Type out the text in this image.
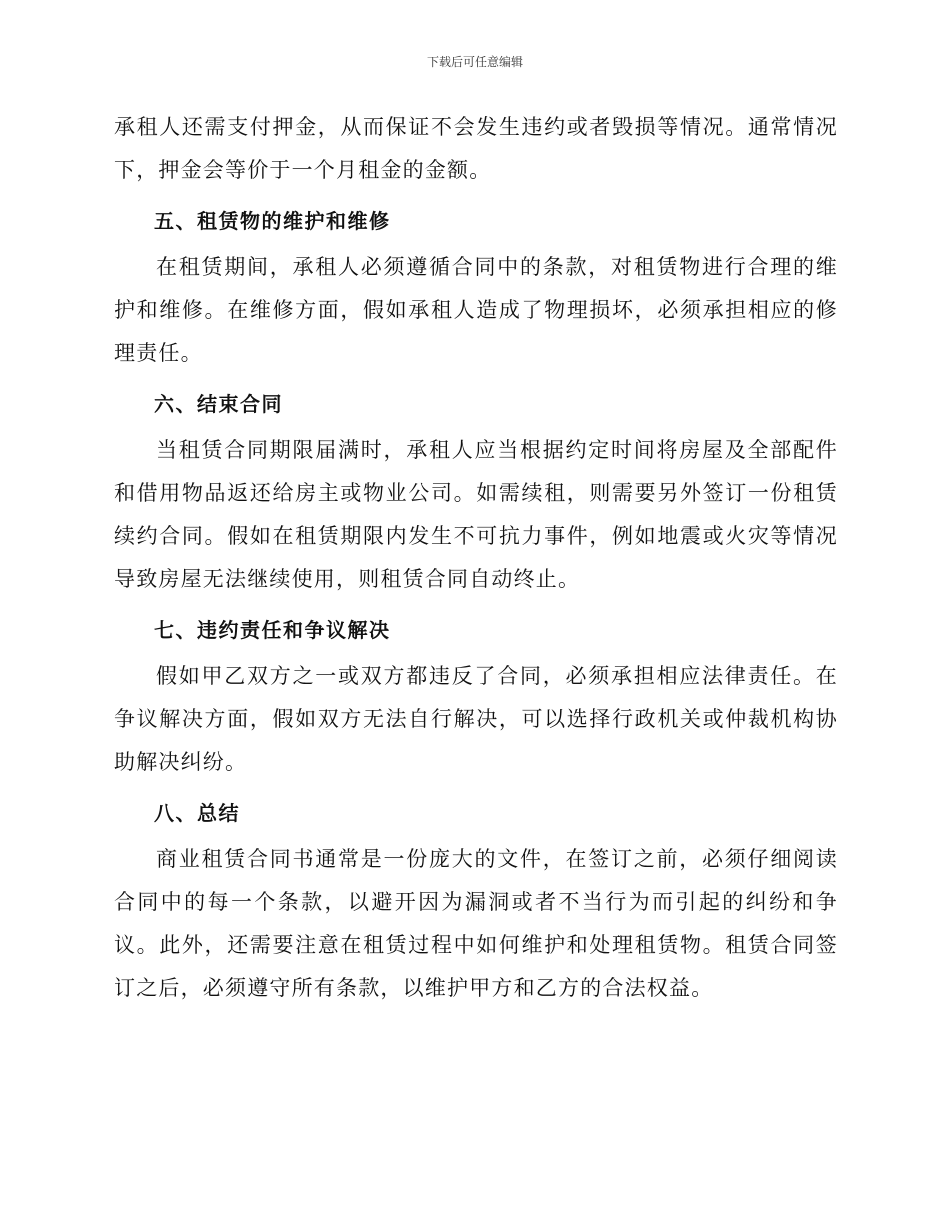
下载后可任意编辑

承租人还需支付押金，从而保证不会发生违约或者毁损等情况。通常情况下，押金会等价于一个月租金的金额。

五、租赁物的维护和维修

在租赁期间，承租人必须遵循合同中的条款，对租赁物进行合理的维护和维修。在维修方面，假如承租人造成了物理损坏，必须承担相应的修理责任。

六、结束合同

当租赁合同期限届满时，承租人应当根据约定时间将房屋及全部配件和借用物品返还给房主或物业公司。如需续租，则需要另外签订一份租赁续约合同。假如在租赁期限内发生不可抗力事件，例如地震或火灾等情况导致房屋无法继续使用，则租赁合同自动终止。

七、违约责任和争议解决

假如甲乙双方之一或双方都违反了合同，必须承担相应法律责任。在争议解决方面，假如双方无法自行解决，可以选择行政机关或仲裁机构协助解决纠纷。

八、总结

商业租赁合同书通常是一份庞大的文件，在签订之前，必须仔细阅读合同中的每一个条款，以避开因为漏洞或者不当行为而引起的纠纷和争议。此外，还需要注意在租赁过程中如何维护和处理租赁物。租赁合同签订之后，必须遵守所有条款，以维护甲方和乙方的合法权益。
